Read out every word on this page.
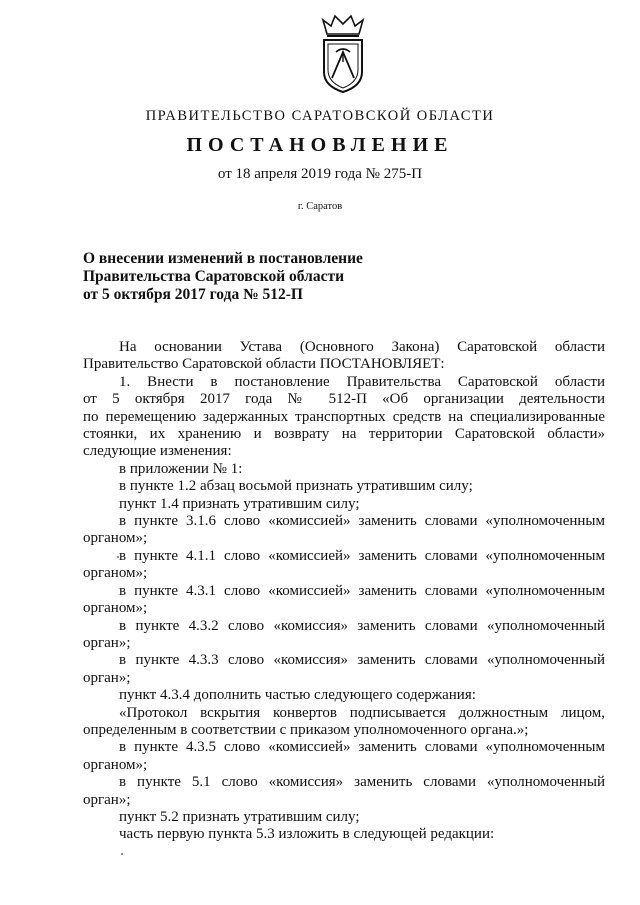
ПРАВИТЕЛЬСТВО САРАТОВСКОЙ ОБЛАСТИ
ПОСТАНОВЛЕНИЕ
от 18 апреля 2019 года № 275-П
г. Саратов
О внесении изменений в постановление
Правительства Саратовской области
от 5 октября 2017 года № 512-П

На основании Устава (Основного Закона) Саратовской области

Правительство Саратовской области ПОСТАНОВЛЯЕТ:

1. Внести в постановление Правительства Саратовской области

от 5 октября 2017 года № 512-П «Об организации деятельности

по перемещению задержанных транспортных средств на специализированные

стоянки, их хранению и возврату на территории Саратовской области»

следующие изменения:

в приложении № 1:

в пункте 1.2 абзац восьмой признать утратившим силу;

пункт 1.4 признать утратившим силу;

в пункте 3.1.6 слово «комиссией» заменить словами «уполномоченным

органом»;

в пункте 4.1.1 слово «комиссией» заменить словами «уполномоченным

органом»;

в пункте 4.3.1 слово «комиссией» заменить словами «уполномоченным

органом»;

в пункте 4.3.2 слово «комиссия» заменить словами «уполномоченный

орган»;

в пункте 4.3.3 слово «комиссия» заменить словами «уполномоченный

орган»;

пункт 4.3.4 дополнить частью следующего содержания:

«Протокол вскрытия конвертов подписывается должностным лицом,

определенным в соответствии с приказом уполномоченного органа.»;

в пункте 4.3.5 слово «комиссией» заменить словами «уполномоченным

органом»;

в пункте 5.1 слово «комиссия» заменить словами «уполномоченный

орган»;

пункт 5.2 признать утратившим силу;

часть первую пункта 5.3 изложить в следующей редакции:
